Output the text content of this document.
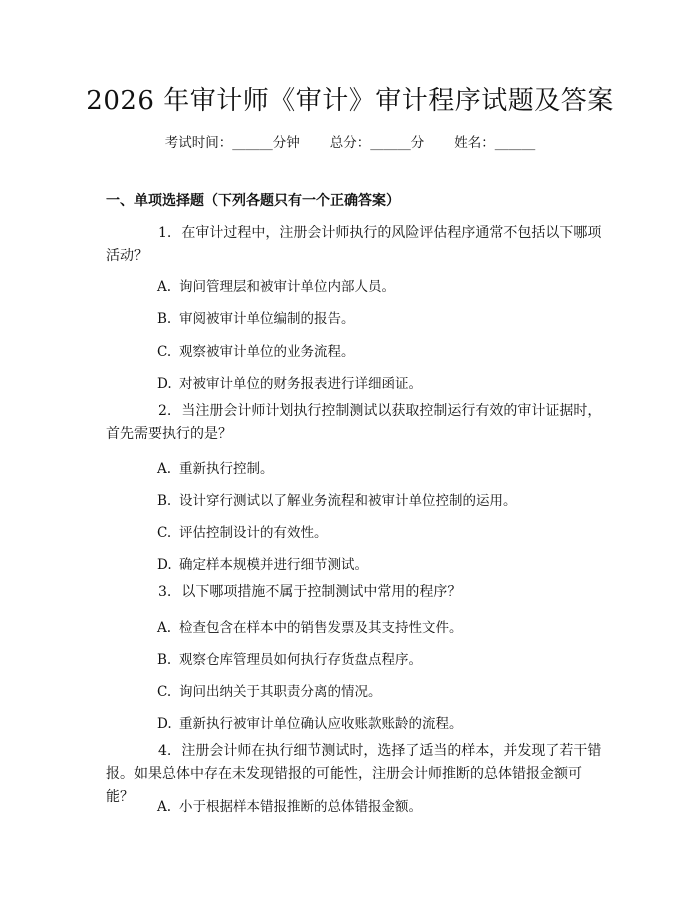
2026 年审计师《审计》审计程序试题及答案
考试时间：______分钟 总分：______分 姓名：______
一、单项选择题（下列各题只有一个正确答案）
1. 在审计过程中，注册会计师执行的风险评估程序通常不包括以下哪项活动？
A. 询问管理层和被审计单位内部人员。
B. 审阅被审计单位编制的报告。
C. 观察被审计单位的业务流程。
D. 对被审计单位的财务报表进行详细函证。
2. 当注册会计师计划执行控制测试以获取控制运行有效的审计证据时，首先需要执行的是？
A. 重新执行控制。
B. 设计穿行测试以了解业务流程和被审计单位控制的运用。
C. 评估控制设计的有效性。
D. 确定样本规模并进行细节测试。
3. 以下哪项措施不属于控制测试中常用的程序？
A. 检查包含在样本中的销售发票及其支持性文件。
B. 观察仓库管理员如何执行存货盘点程序。
C. 询问出纳关于其职责分离的情况。
D. 重新执行被审计单位确认应收账款账龄的流程。
4. 注册会计师在执行细节测试时，选择了适当的样本，并发现了若干错报。如果总体中存在未发现错报的可能性，注册会计师推断的总体错报金额可能？
A. 小于根据样本错报推断的总体错报金额。
